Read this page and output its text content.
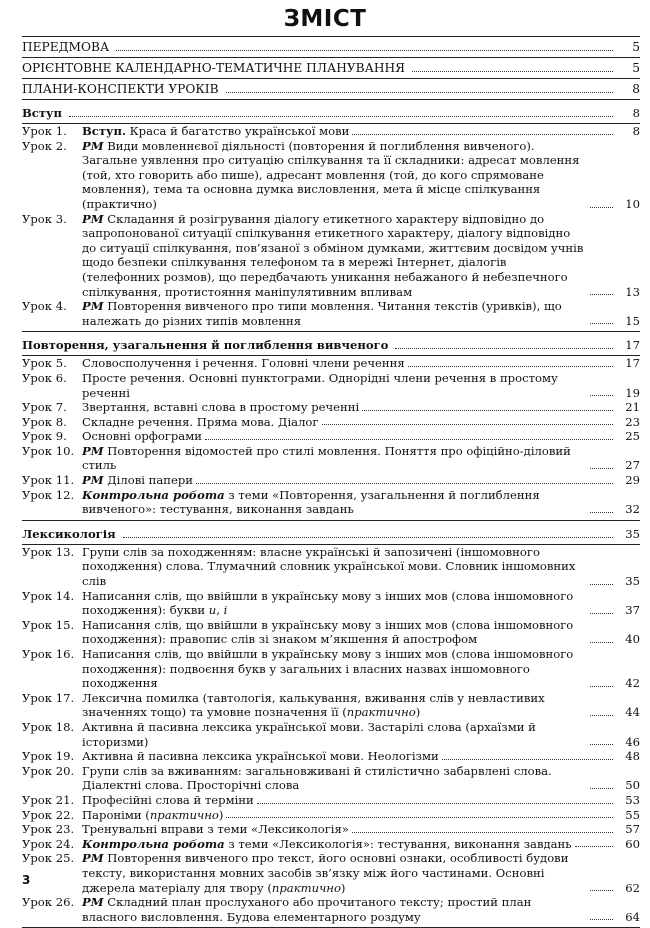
ЗМІСТ
ПЕРЕДМОВА	5
ОРІЄНТОВНЕ КАЛЕНДАРНО-ТЕМАТИЧНЕ ПЛАНУВАННЯ	5
ПЛАНИ-КОНСПЕКТИ УРОКІВ	8
Вступ	8
Урок 1.	Вступ. Краса й багатство української мови	8
Урок 2.	РМ Види мовленнєвої діяльності (повторення й поглиблення вивченого). Загальне уявлення про ситуацію спілкування та її складники: адресат мовлення (той, хто говорить або пише), адресант мовлення (той, до кого спрямоване мовлення), тема та основна думка висловлення, мета й місце спілкування (практично)	10
Урок 3.	РМ Складання й розігрування діалогу етикетного характеру відповідно до запропонованої ситуації спілкування етикетного характеру, діалогу відповідно до ситуації спілкування, пов’язаної з обміном думками, життєвим досвідом учнів щодо безпеки спілкування телефоном та в мережі Інтернет, діалогів (телефонних розмов), що передбачають уникання небажаного й небезпечного спілкування, протистояння маніпулятивним впливам	13
Урок 4.	РМ Повторення вивченого про типи мовлення. Читання текстів (уривків), що належать до різних типів мовлення	15
Повторення, узагальнення й поглиблення вивченого	17
Урок 5.	Словосполучення і речення. Головні члени речення	17
Урок 6.	Просте речення. Основні пунктограми. Однорідні члени речення в простому реченні	19
Урок 7.	Звертання, вставні слова в простому реченні	21
Урок 8.	Складне речення. Пряма мова. Діалог	23
Урок 9.	Основні орфограми	25
Урок 10. РМ Повторення відомостей про стилі мовлення. Поняття про офіційно-діловий стиль	27
Урок 11. РМ Ділові папери	29
Урок 12. Контрольна робота з теми «Повторення, узагальнення й поглиблення вивченого»: тестування, виконання завдань	32
Лексикологія	35
Урок 13. Групи слів за походженням: власне українські й запозичені (іншомовного походження) слова. Тлумачний словник української мови. Словник іншомовних слів	35
Урок 14. Написання слів, що ввійшли в українську мову з інших мов (слова іншомовного походження): букви и, і	37
Урок 15. Написання слів, що ввійшли в українську мову з інших мов (слова іншомовного походження): правопис слів зі знаком м’якшення й апострофом	40
Урок 16. Написання слів, що ввійшли в українську мову з інших мов (слова іншомовного походження): подвоєння букв у загальних і власних назвах іншомовного походження	42
Урок 17. Лексична помилка (тавтологія, калькування, вживання слів у невластивих значеннях тощо) та умовне позначення її (практично)	44
Урок 18. Активна й пасивна лексика української мови. Застарілі слова (архаїзми й історизми)	46
Урок 19. Активна й пасивна лексика української мови. Неологізми	48
Урок 20. Групи слів за вживанням: загальновживані й стилістично забарвлені слова. Діалектні слова. Просторічні слова	50
Урок 21. Професійні слова й терміни	53
Урок 22. Пароніми (практично)	55
Урок 23. Тренувальні вправи з теми «Лексикологія»	57
Урок 24. Контрольна робота з теми «Лексикологія»: тестування, виконання завдань	60
Урок 25. РМ Повторення вивченого про текст, його основні ознаки, особливості будови тексту, використання мовних засобів зв’язку між його частинами. Основні джерела матеріалу для твору (практично)	62
Урок 26. РМ Складний план прослуханого або прочитаного тексту; простий план власного висловлення. Будова елементарного роздуму	64
3
